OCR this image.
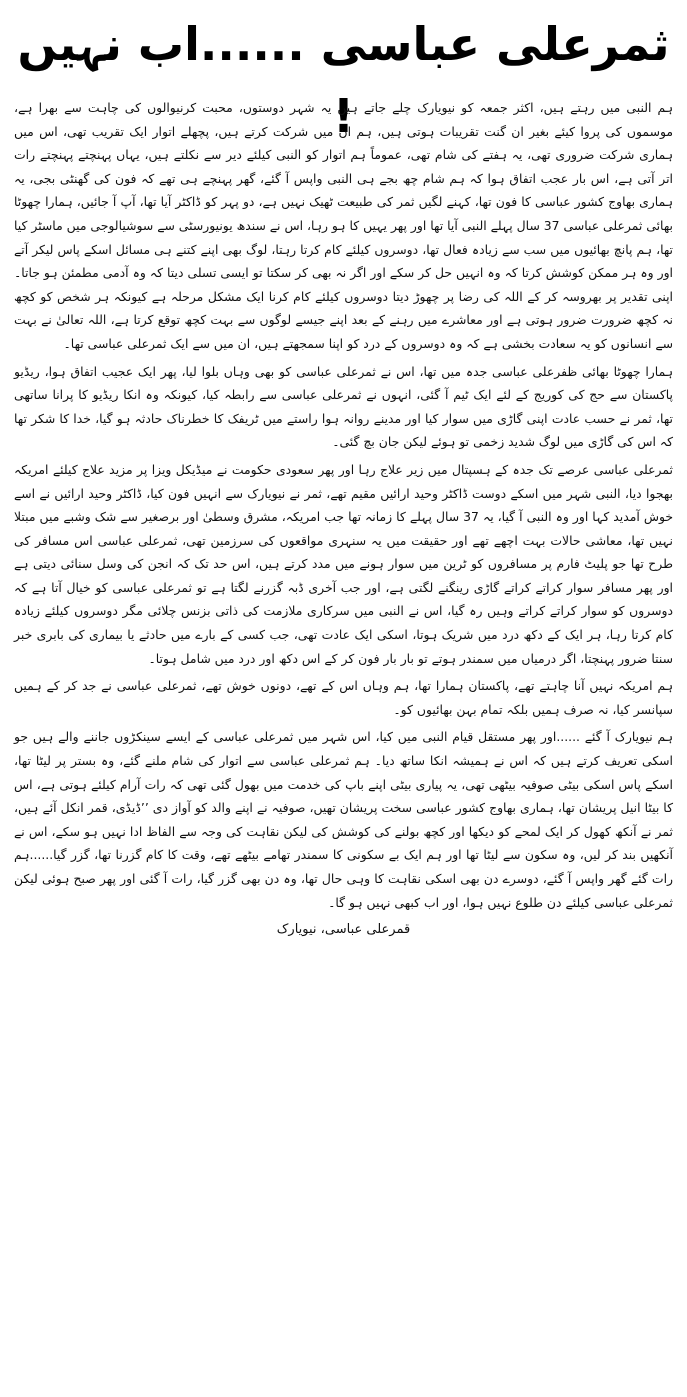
ثمرعلی عباسی ......اب نہیں !

ہم النبی میں رہتے ہیں، اکثر جمعہ کو نیویارک چلے جاتے ہیں یہ شہر دوستوں، محبت کرنیوالوں کی چاہت سے بھرا ہے، موسموں کی پروا کیئے بغیر ان گنت تقریبات ہوتی ہیں، ہم ان میں شرکت کرتے ہیں، پچھلے اتوار ایک تقریب تھی، اس میں ہماری شرکت ضروری تھی، یہ ہفتے کی شام تھی، عموماً ہم اتوار کو النبی کیلئے دیر سے نکلتے ہیں، یہاں پہنچتے پہنچتے رات اتر آتی ہے، اس بار عجب اتفاق ہوا کہ ہم شام چھ بجے ہی النبی واپس آ گئے، گھر پہنچے ہی تھے کہ فون کی گھنٹی بجی، یہ ہماری بھاوج کشور عباسی کا فون تھا، کہنے لگیں ثمر کی طبیعت ٹھیک نہیں ہے، دو پہر کو ڈاکٹر آیا تھا، آپ آ جائیں، ہمارا چھوٹا بھائی ثمرعلی عباسی 37 سال پہلے النبی آیا تھا اور پھر یہیں کا ہو رہا، اس نے سندھ یونیورسٹی سے سوشیالوجی میں ماسٹر کیا تھا، ہم پانچ بھائیوں میں سب سے زیادہ فعال تھا، دوسروں کیلئے کام کرتا رہتا، لوگ بھی اپنے کتنے ہی مسائل اسکے پاس لیکر آتے اور وہ ہر ممکن کوشش کرتا کہ وہ انہیں حل کر سکے اور اگر نہ بھی کر سکتا تو ایسی تسلی دیتا کہ وہ آدمی مطمئن ہو جاتا۔ اپنی تقدیر پر بھروسہ کر کے اللہ کی رضا پر چھوڑ دیتا دوسروں کیلئے کام کرنا ایک مشکل مرحلہ ہے کیونکہ ہر شخص کو کچھ نہ کچھ ضرورت ضرور ہوتی ہے اور معاشرے میں رہنے کے بعد اپنے جیسے لوگوں سے بہت کچھ توقع کرتا ہے، اللہ تعالیٰ نے بہت سے انسانوں کو یہ سعادت بخشی ہے کہ وہ دوسروں کے درد کو اپنا سمجھتے ہیں، ان میں سے ایک ثمرعلی عباسی تھا۔

ہمارا چھوٹا بھائی ظفرعلی عباسی جدہ میں تھا، اس نے ثمرعلی عباسی کو بھی وہاں بلوا لیا، پھر ایک عجیب اتفاق ہوا، ریڈیو پاکستان سے حج کی کوریج کے لئے ایک ٹیم آ گئی، انہوں نے ثمرعلی عباسی سے رابطہ کیا، کیونکہ وہ انکا ریڈیو کا پرانا ساتھی تھا، ثمر نے حسب عادت اپنی گاڑی میں سوار کیا اور مدینے روانہ ہوا راستے میں ٹریفک کا خطرناک حادثہ ہو گیا، خدا کا شکر تھا کہ اس کی گاڑی میں لوگ شدید زخمی تو ہوئے لیکن جان بچ گئی۔

ثمرعلی عباسی عرصے تک جدہ کے ہسپتال میں زیر علاج رہا اور پھر سعودی حکومت نے میڈیکل ویزا پر مزید علاج کیلئے امریکہ بھجوا دیا، النبی شہر میں اسکے دوست ڈاکٹر وحید ارائیں مقیم تھے، ثمر نے نیویارک سے انہیں فون کیا، ڈاکٹر وحید ارائیں نے اسے خوش آمدید کہا اور وہ النبی آ گیا، یہ 37 سال پہلے کا زمانہ تھا جب امریکہ، مشرق وسطیٰ اور برصغیر سے شک وشبے میں مبتلا نہیں تھا، معاشی حالات بہت اچھے تھے اور حقیقت میں یہ سنہری مواقعوں کی سرزمین تھی، ثمرعلی عباسی اس مسافر کی طرح تھا جو پلیٹ فارم پر مسافروں کو ٹرین میں سوار ہونے میں مدد کرتے ہیں، اس حد تک کہ انجن کی وسل سنائی دیتی ہے اور پھر مسافر سوار کراتے کراتے گاڑی رینگنے لگتی ہے، اور جب آخری ڈبہ گزرنے لگتا ہے تو ثمرعلی عباسی کو خیال آتا ہے کہ دوسروں کو سوار کراتے کراتے وہیں رہ گیا، اس نے النبی میں سرکاری ملازمت کی ذاتی بزنس چلائی مگر دوسروں کیلئے زیادہ کام کرتا رہا، ہر ایک کے دکھ درد میں شریک ہوتا، اسکی ایک عادت تھی، جب کسی کے بارے میں حادثے یا بیماری کی بابری خبر سنتا ضرور پہنچتا، اگر درمیاں میں سمندر ہوتے تو بار بار فون کر کے اس دکھ اور درد میں شامل ہوتا۔

ہم امریکہ نہیں آنا چاہتے تھے، پاکستان ہمارا تھا، ہم وہاں اس کے تھے، دونوں خوش تھے، ثمرعلی عباسی نے جد کر کے ہمیں سپانسر کیا، نہ صرف ہمیں بلکہ تمام بہن بھائیوں کو۔

ہم نیویارک آ گئے ......اور پھر مستقل قیام النبی میں کیا، اس شہر میں ثمرعلی عباسی کے ایسے سینکڑوں جاننے والے ہیں جو اسکی تعریف کرتے ہیں کہ اس نے ہمیشہ انکا ساتھ دیا۔ ہم ثمرعلی عباسی سے اتوار کی شام ملنے گئے، وہ بستر پر لیٹا تھا، اسکے پاس اسکی بیٹی صوفیہ بیٹھی تھی، یہ پیاری بیٹی اپنے باپ کی خدمت میں بھول گئی تھی کہ رات آرام کیلئے ہوتی ہے، اس کا بیٹا انیل پریشان تھا، ہماری بھاوج کشور عباسی سخت پریشان تھیں، صوفیہ نے اپنے والد کو آواز دی ’’ڈیڈی، قمر انکل آئے ہیں، ثمر نے آنکھ کھول کر ایک لمحے کو دیکھا اور کچھ بولنے کی کوشش کی لیکن نقاہت کی وجہ سے الفاظ ادا نہیں ہو سکے، اس نے آنکھیں بند کر لیں، وہ سکون سے لیٹا تھا اور ہم ایک بے سکونی کا سمندر تھامے بیٹھے تھے، وقت کا کام گزرنا تھا، گزر گیا......ہم رات گئے گھر واپس آ گئے، دوسرے دن بھی اسکی نقاہت کا وہی حال تھا، وہ دن بھی گزر گیا، رات آ گئی اور پھر صبح ہوئی لیکن ثمرعلی عباسی کیلئے دن طلوع نہیں ہوا، اور اب کبھی نہیں ہو گا۔

قمرعلی عباسی، نیویارک
